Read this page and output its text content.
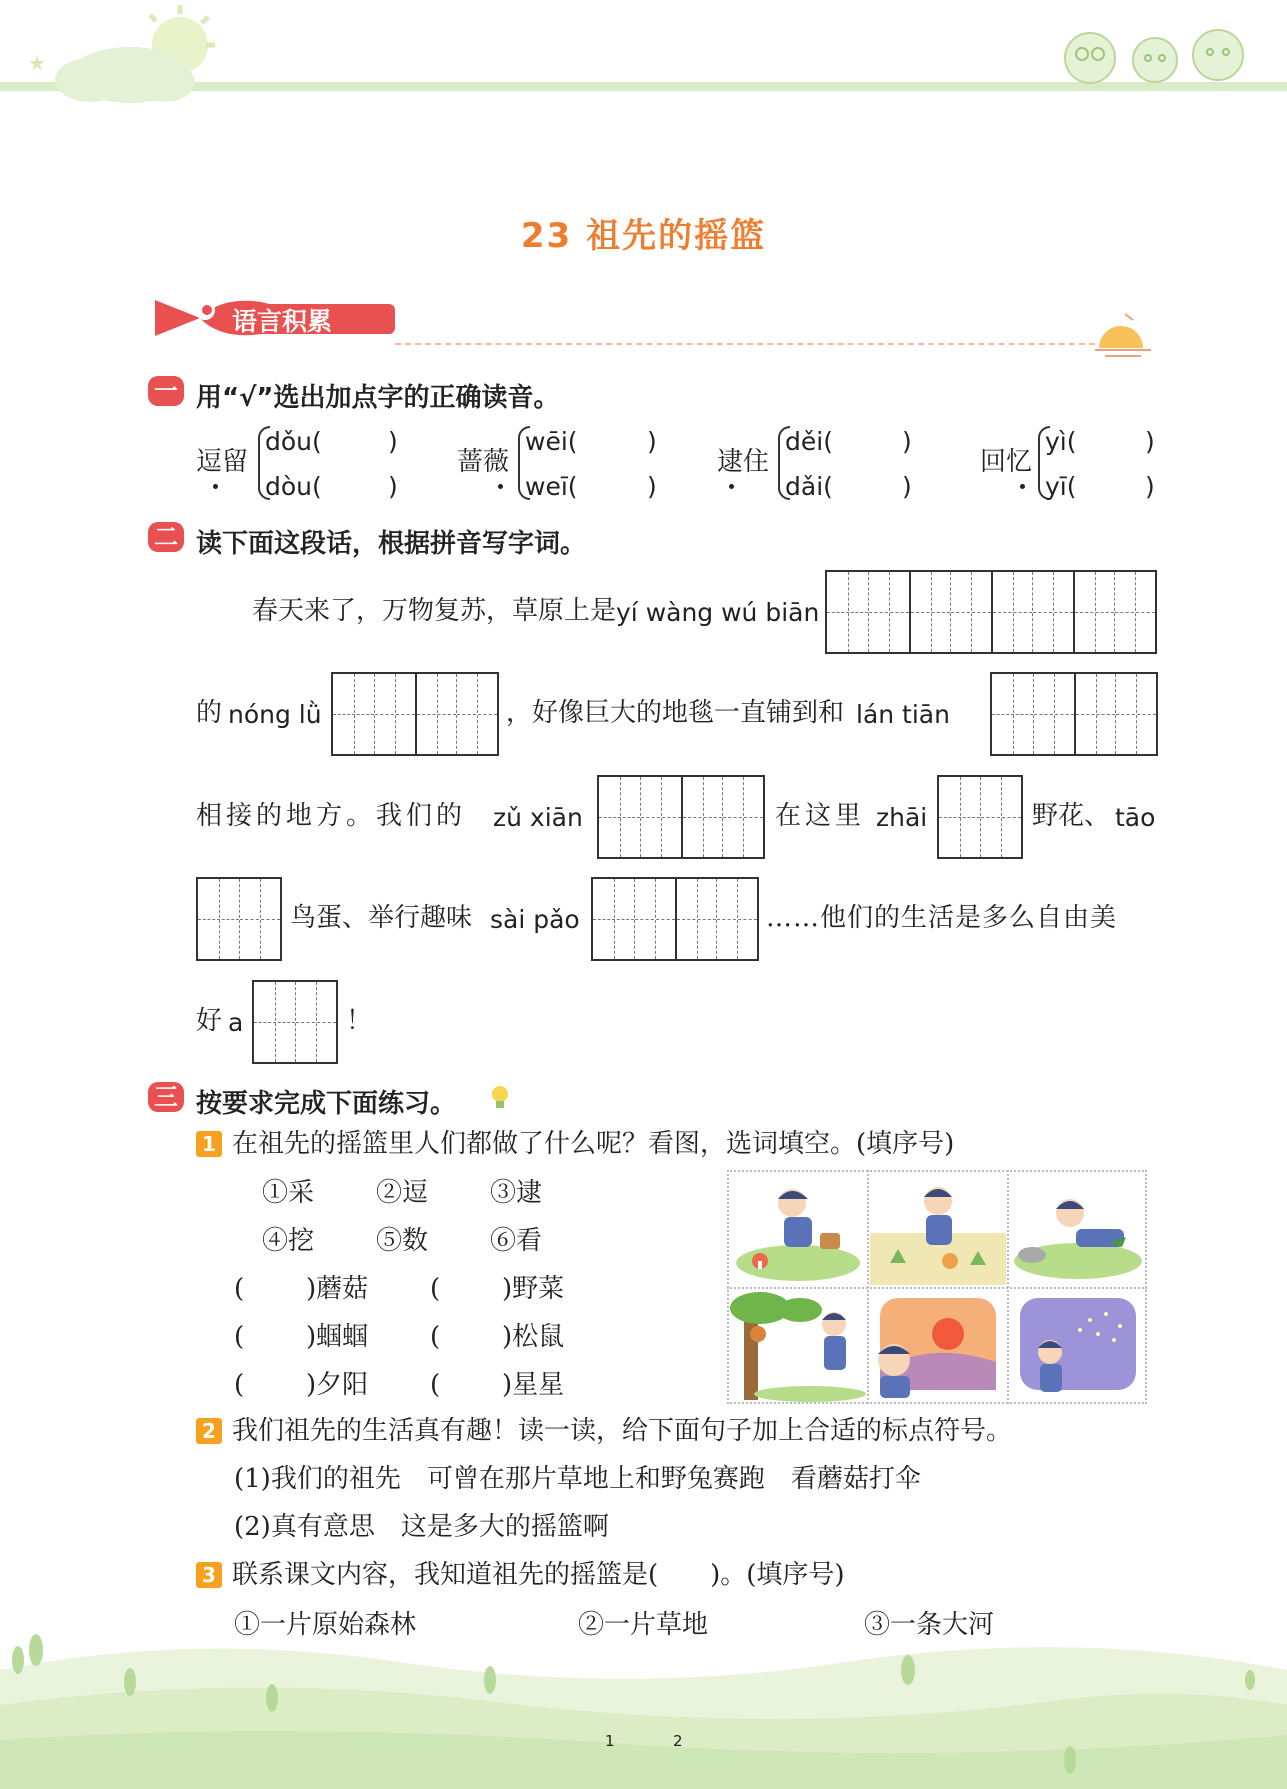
★
23 祖先的摇篮
语言积累
一 用“√”选出加点字的正确读音。
逗留
dǒu(
dòu(
)
)
蔷薇
wēi(
weī(
)
)
逮住
děi(
dǎi(
)
)
回忆
yì(
yī(
)
)
二 读下面这段话，根据拼音写字词。
春天来了，万物复苏，草原上是 yí wàng wú biān
的 nóng lǜ	，好像巨大的地毯一直铺到和 lán tiān
相接的地方。我们的 zǔ xiān	在这里 zhāi	野花、 tāo
鸟蛋、举行趣味 sài pǎo	……他们的生活是多么自由美
好 a	！
三 按要求完成下面练习。
1 在祖先的摇篮里人们都做了什么呢？看图，选词填空。(填序号)
①采 ②逗 ③逮
④挖 ⑤数 ⑥看
( )蘑菇 ( )野菜
( )蝈蝈 ( )松鼠
( )夕阳 ( )星星
2 我们祖先的生活真有趣！读一读，给下面句子加上合适的标点符号。
(1)我们的祖先　可曾在那片草地上和野兔赛跑　看蘑菇打伞
(2)真有意思　这是多大的摇篮啊
3 联系课文内容，我知道祖先的摇篮是(　　)。(填序号)
①一片原始森林	②一片草地	③一条大河
1	2
